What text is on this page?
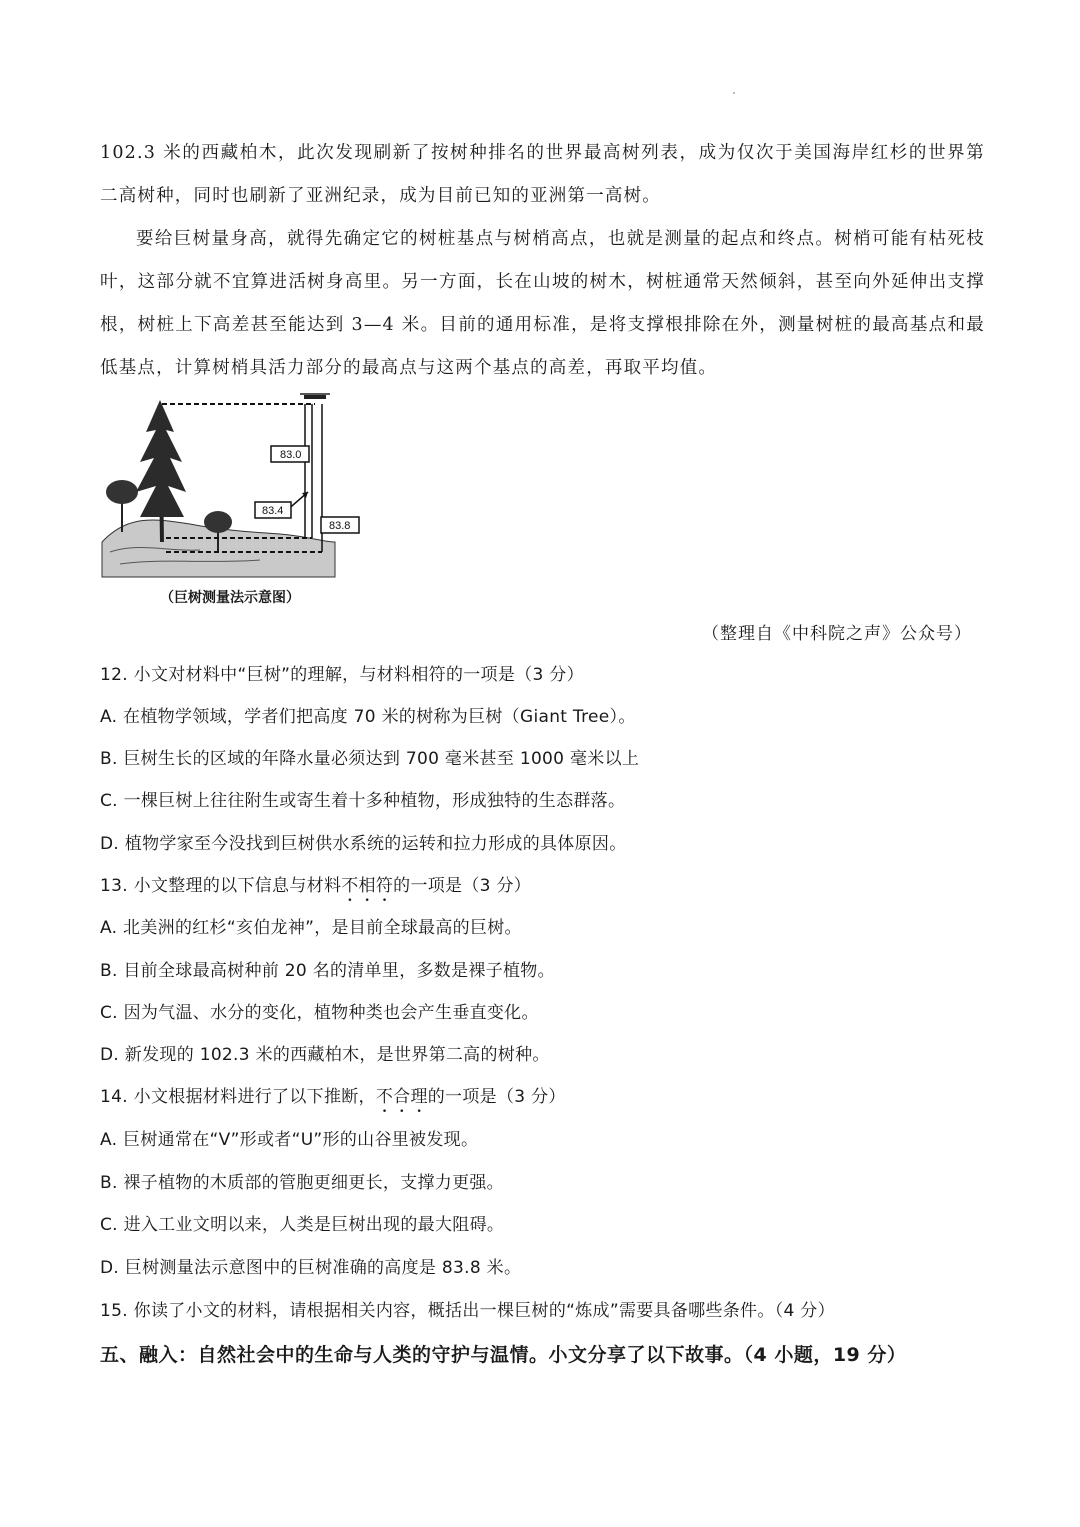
102.3 米的西藏柏木，此次发现刷新了按树种排名的世界最高树列表，成为仅次于美国海岸红杉的世界第二高树种，同时也刷新了亚洲纪录，成为目前已知的亚洲第一高树。

要给巨树量身高，就得先确定它的树桩基点与树梢高点，也就是测量的起点和终点。树梢可能有枯死枝叶，这部分就不宜算进活树身高里。另一方面，长在山坡的树木，树桩通常天然倾斜，甚至向外延伸出支撑根，树桩上下高差甚至能达到 3—4 米。目前的通用标准，是将支撑根排除在外，测量树桩的最高基点和最低基点，计算树梢具活力部分的最高点与这两个基点的高差，再取平均值。

83.0
83.4
83.8
（巨树测量法示意图）
（整理自《中科院之声》公众号）
12. 小文对材料中“巨树”的理解，与材料相符的一项是（3 分）
A. 在植物学领域，学者们把高度 70 米的树称为巨树（Giant Tree）。
B. 巨树生长的区域的年降水量必须达到 700 毫米甚至 1000 毫米以上
C. 一棵巨树上往往附生或寄生着十多种植物，形成独特的生态群落。
D. 植物学家至今没找到巨树供水系统的运转和拉力形成的具体原因。
13. 小文整理的以下信息与材料不相符的一项是（3 分）
A. 北美洲的红杉“亥伯龙神”，是目前全球最高的巨树。
B. 目前全球最高树种前 20 名的清单里，多数是裸子植物。
C. 因为气温、水分的变化，植物种类也会产生垂直变化。
D. 新发现的 102.3 米的西藏柏木，是世界第二高的树种。
14. 小文根据材料进行了以下推断，不合理的一项是（3 分）
A. 巨树通常在“V”形或者“U”形的山谷里被发现。
B. 裸子植物的木质部的管胞更细更长，支撑力更强。
C. 进入工业文明以来，人类是巨树出现的最大阻碍。
D. 巨树测量法示意图中的巨树准确的高度是 83.8 米。
15. 你读了小文的材料，请根据相关内容，概括出一棵巨树的“炼成”需要具备哪些条件。（4 分）
五、融入：自然社会中的生命与人类的守护与温情。小文分享了以下故事。（4 小题，19 分）
